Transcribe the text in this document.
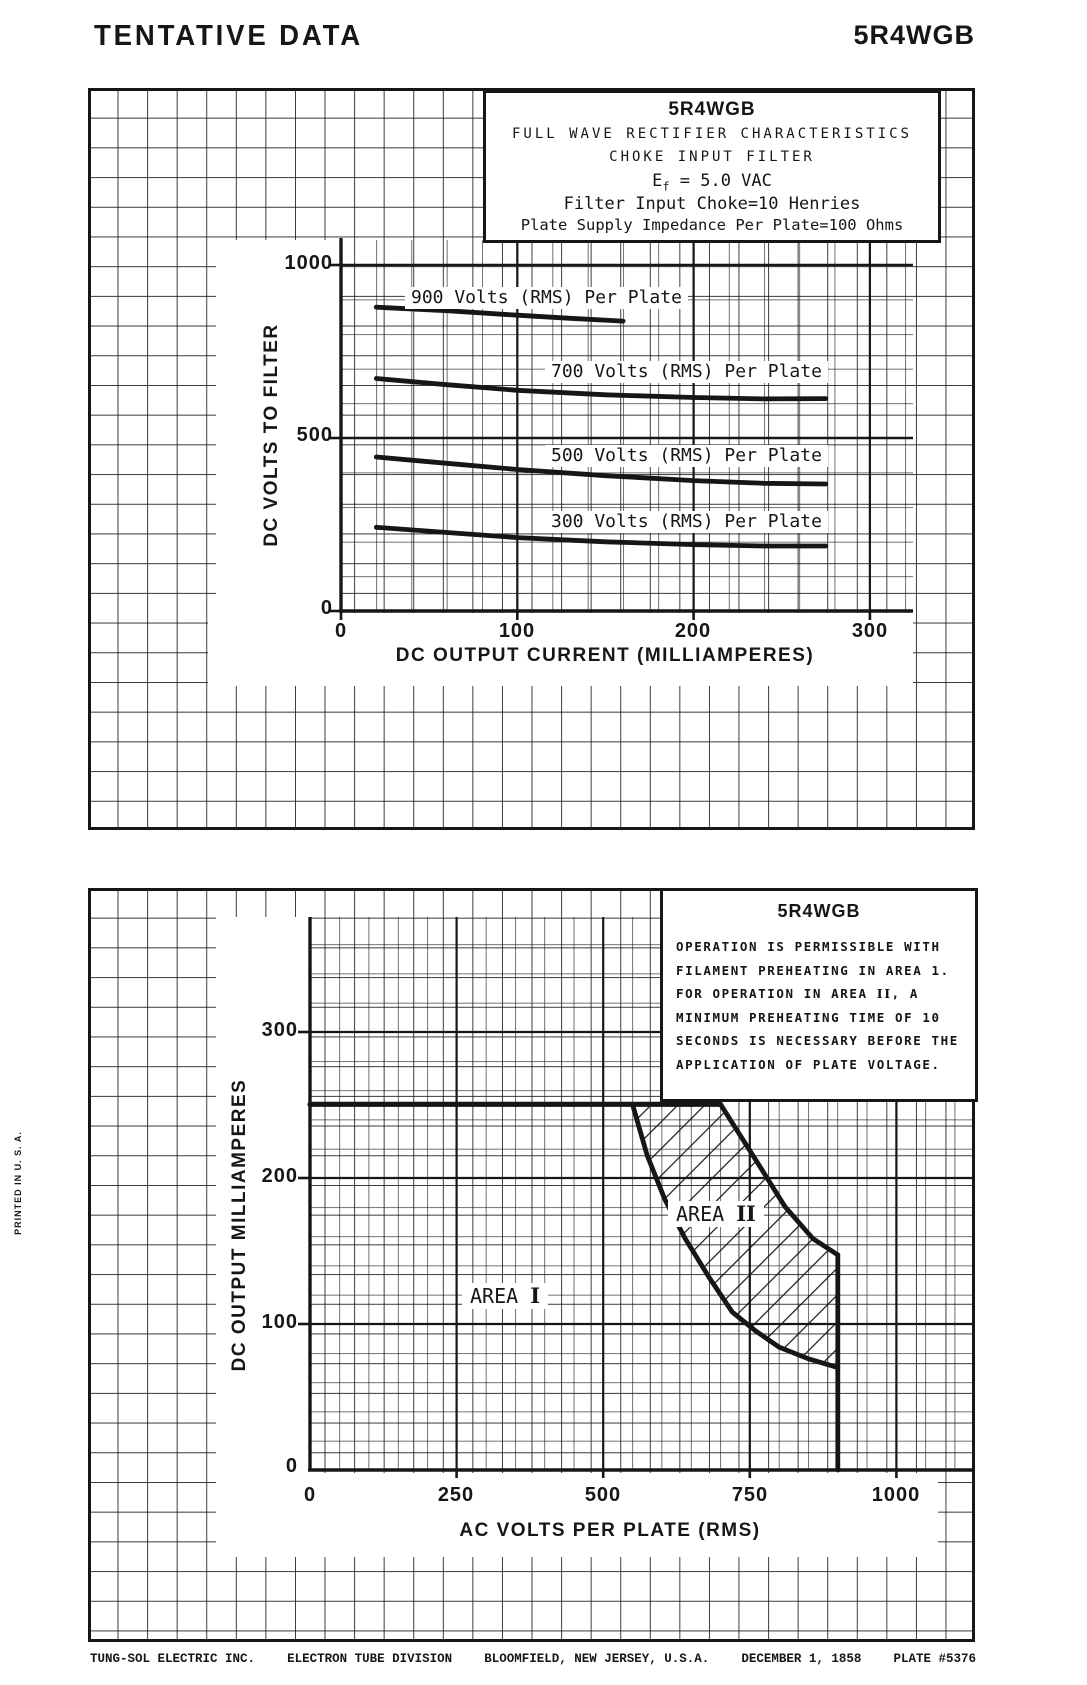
TENTATIVE DATA	5R4WGB
5R4WGB
FULL WAVE RECTIFIER CHARACTERISTICS
CHOKE INPUT FILTER
$E_f = 5.0$ VAC
Filter Input Choke=10 Henries
Plate Supply Impedance Per Plate=100 Ohms
1000
500
0
0	100	200	300
DC VOLTS TO FILTER
DC OUTPUT CURRENT (MILLIAMPERES)
900 Volts (RMS) Per Plate
700 Volts (RMS) Per Plate
500 Volts (RMS) Per Plate
300 Volts (RMS) Per Plate
5R4WGB
OPERATION IS PERMISSIBLE WITH
FILAMENT PREHEATING IN AREA 1.
FOR OPERATION IN AREA II, A
MINIMUM PREHEATING TIME OF 10
SECONDS IS NECESSARY BEFORE THE
APPLICATION OF PLATE VOLTAGE.
300
200
100
0
0	250	500	750	1000
DC OUTPUT MILLIAMPERES
AC VOLTS PER PLATE (RMS)
AREA I
AREA II
TUNG-SOL ELECTRIC INC.	ELECTRON TUBE DIVISION	BLOOMFIELD, NEW JERSEY, U.S.A.	DECEMBER 1, 1858	PLATE #5376
PRINTED IN U. S. A.
